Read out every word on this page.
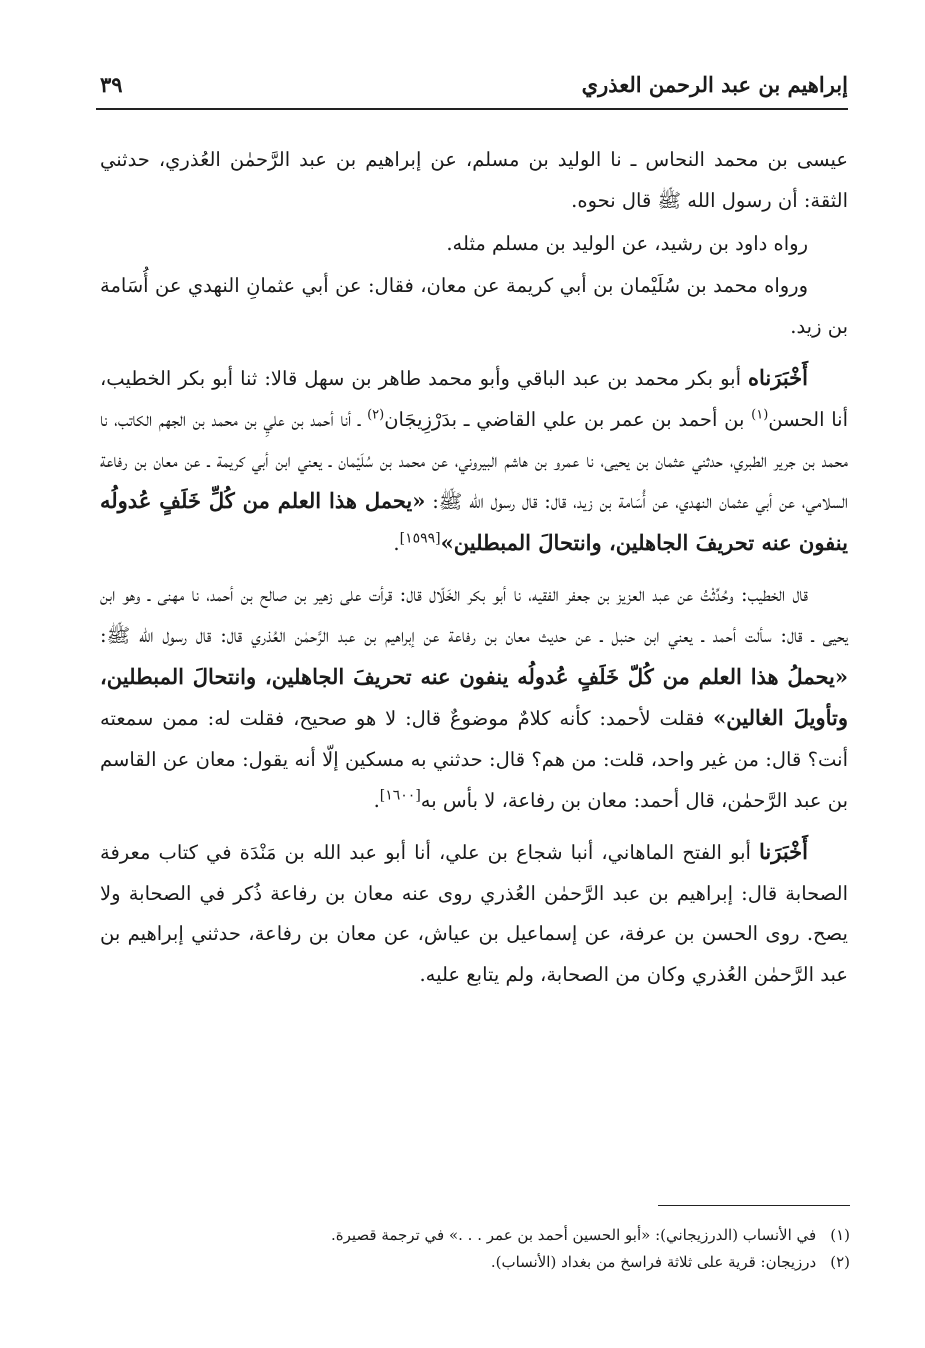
إبراهيم بن عبد الرحمن العذري
٣٩

عيسى بن محمد النحاس ـ نا الوليد بن مسلم، عن إبراهيم بن عبد الرَّحمٰن العُذري، حدثني الثقة: أن رسول الله ﷺ قال نحوه.

رواه داود بن رشيد، عن الوليد بن مسلم مثله.

ورواه محمد بن سُلَيْمان بن أبي كريمة عن معان، فقال: عن أبي عثمانِ النهدي عن أُسَامة بن زيد.

أَخْبَرَناه أبو بكر محمد بن عبد الباقي وأبو محمد طاهر بن سهل قالا: ثنا أبو بكر الخطيب، أنا الحسن$^{(١)}$ بن أحمد بن عمر بن علي القاضي ـ بدَرْزِيجَان$^{(٢)}$ ـ أنا أحمد بن عليِ بن محمد بن الجهم الكاتب، نا محمد بن جرير الطبري، حدثني عثمان بن يحيى، نا عمرو بن هاشم البيروني، عن محمد بن سُلَيْمان ـ يعني ابن أبي كريمة ـ عن معان بن رفاعة السلامي، عن أبي عثمان النهدي، عن أُسَامة بن زيد، قال: قال رسول الله ﷺ: «يحمل هذا العلم من كُلِّ خَلَفٍ عُدولُه ينفون عنه تحريفَ الجاهلين، وانتحالَ المبطلين»[١٥٩٩].

قال الخطيب: وحُدِّثْتُ عن عبد العزيز بن جعفر الفقيه، نا أبو بكر الخَلّال قال: قرأت على زهير بن صالح بن أحمد، نا مهنى ـ وهو ابن يحيى ـ قال: سألت أحمد ـ يعني ابن حنبل ـ عن حديث معان بن رفاعة عن إبراهيم بن عبد الرَّحمٰن العُذري قال: قال رسول الله ﷺ: «يحملُ هذا العلم من كُلّ خَلَفٍ عُدولُه ينفون عنه تحريفَ الجاهلين، وانتحالَ المبطلين، وتأويلَ الغالين» فقلت لأحمد: كأنه كلامٌ موضوعٌ قال: لا هو صحيح، فقلت له: ممن سمعته أنت؟ قال: من غير واحد، قلت: من هم؟ قال: حدثني به مسكين إلّا أنه يقول: معان عن القاسم بن عبد الرَّحمٰن، قال أحمد: معان بن رفاعة، لا بأس به[١٦٠٠].

أَخْبَرَنا أبو الفتح الماهاني، أنبا شجاع بن علي، أنا أبو عبد الله بن مَنْدَة في كتاب معرفة الصحابة قال: إبراهيم بن عبد الرَّحمٰن العُذري روى عنه معان بن رفاعة ذُكر في الصحابة ولا يصح. روى الحسن بن عرفة، عن إسماعيل بن عياش، عن معان بن رفاعة، حدثني إبراهيم بن عبد الرَّحمٰن العُذري وكان من الصحابة، ولم يتابع عليه.

(١)في الأنساب (الدرزيجاني): «أبو الحسين أحمد بن عمر . . .» في ترجمة قصيرة.
(٢)درزيجان: قرية على ثلاثة فراسخ من بغداد (الأنساب).
